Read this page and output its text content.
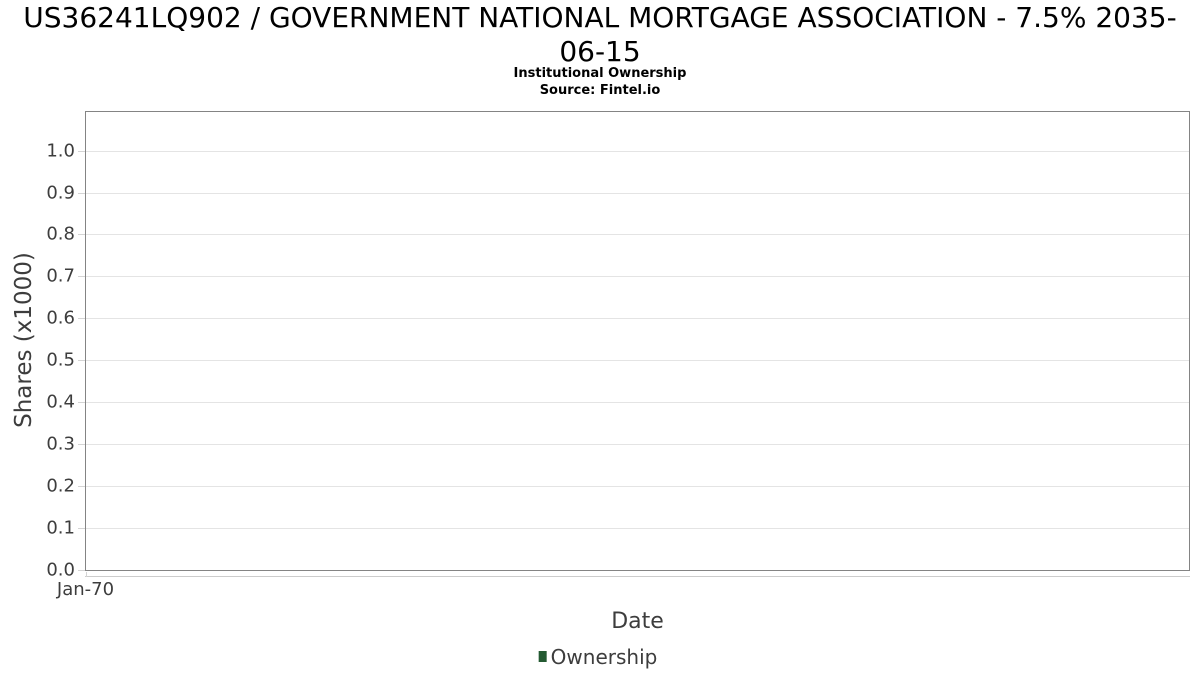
US36241LQ902 / GOVERNMENT NATIONAL MORTGAGE ASSOCIATION - 7.5% 2035-06-15
Institutional Ownership
Source: Fintel.io
Shares (x1000)
Date
Ownership
0.0
0.1
0.2
0.3
0.4
0.5
0.6
0.7
0.8
0.9
1.0
Jan-70
